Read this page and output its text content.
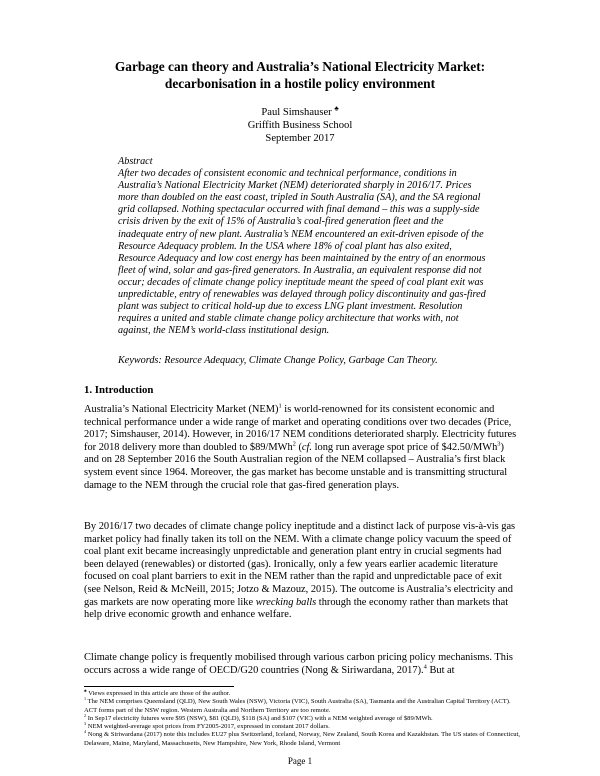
Garbage can theory and Australia’s National Electricity Market:
decarbonisation in a hostile policy environment
Paul Simshauser ♣
Griffith Business School
September 2017

Abstract

After two decades of consistent economic and technical performance, conditions in Australia’s National Electricity Market (NEM) deteriorated sharply in 2016/17. Prices more than doubled on the east coast, tripled in South Australia (SA), and the SA regional grid collapsed. Nothing spectacular occurred with final demand – this was a supply-side crisis driven by the exit of 15% of Australia’s coal-fired generation fleet and the inadequate entry of new plant. Australia’s NEM encountered an exit-driven episode of the Resource Adequacy problem. In the USA where 18% of coal plant has also exited, Resource Adequacy and low cost energy has been maintained by the entry of an enormous fleet of wind, solar and gas-fired generators. In Australia, an equivalent response did not occur; decades of climate change policy ineptitude meant the speed of coal plant exit was unpredictable, entry of renewables was delayed through policy discontinuity and gas-fired plant was subject to critical hold-up due to excess LNG plant investment. Resolution requires a united and stable climate change policy architecture that works with, not against, the NEM’s world-class institutional design.

Keywords: Resource Adequacy, Climate Change Policy, Garbage Can Theory.
1. Introduction

Australia’s National Electricity Market (NEM)$^1$ is world-renowned for its consistent economic and technical performance under a wide range of market and operating conditions over two decades (Price, 2017; Simshauser, 2014). However, in 2016/17 NEM conditions deteriorated sharply. Electricity futures for 2018 delivery more than doubled to $89/MWh$^2$ (cf. long run average spot price of $42.50/MWh$^3$) and on 28 September 2016 the South Australian region of the NEM collapsed – Australia’s first black system event since 1964. Moreover, the gas market has become unstable and is transmitting structural damage to the NEM through the crucial role that gas-fired generation plays.

By 2016/17 two decades of climate change policy ineptitude and a distinct lack of purpose vis-à-vis gas market policy had finally taken its toll on the NEM. With a climate change policy vacuum the speed of coal plant exit became increasingly unpredictable and generation plant entry in crucial segments had been delayed (renewables) or distorted (gas). Ironically, only a few years earlier academic literature focused on coal plant barriers to exit in the NEM rather than the rapid and unpredictable pace of exit (see Nelson, Reid & McNeill, 2015; Jotzo & Mazouz, 2015). The outcome is Australia’s electricity and gas markets are now operating more like wrecking balls through the economy rather than markets that help drive economic growth and enhance welfare.

Climate change policy is frequently mobilised through various carbon pricing policy mechanisms. This occurs across a wide range of OECD/G20 countries (Nong & Siriwardana, 2017).$^4$ But at

♣ Views expressed in this article are those of the author.
$^1$ The NEM comprises Queensland (QLD), New South Wales (NSW), Victoria (VIC), South Australia (SA), Tasmania and the Australian Capital Territory (ACT). ACT forms part of the NSW region. Western Australia and Northern Territory are too remote.
$^2$ In Sep17 electricity futures were $95 (NSW), $81 (QLD), $118 (SA) and $107 (VIC) with a NEM weighted average of $89/MWh.
$^3$ NEM weighted-average spot prices from FY2005-2017, expressed in constant 2017 dollars.
$^4$ Nong & Siriwardana (2017) note this includes EU27 plus Switzerland, Iceland, Norway, New Zealand, South Korea and Kazakhstan. The US states of Connecticut, Delaware, Maine, Maryland, Massachusetts, New Hampshire, New York, Rhode Island, Vermont
Page 1
